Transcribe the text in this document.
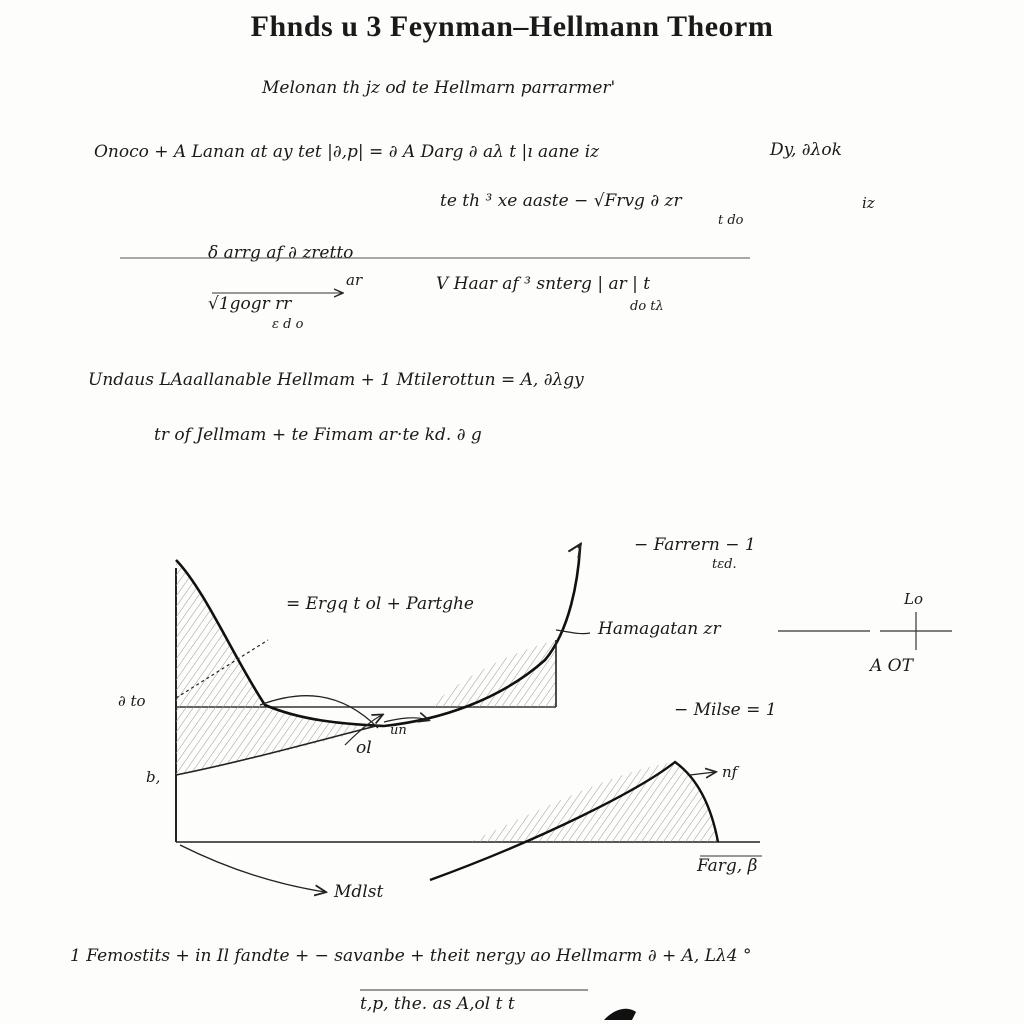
Fhnds u 3 Feynman–Hellmann Theorm
Melonan th jz od te Hellmarn parrarmer'
Onoco + A Lanan at ay tet |∂,p| = ∂ A Darg ∂ aλ t |ı aane iz	Dy, ∂λok
te th ³ xe aaste − √Frvg ∂ zr
t do
iz
δ arrg af ∂ zretto
ar
√1gogr rr
ε d o
V Haar af ³ snterg | ar | t
do tλ
Undaus LAaallanable Hellmam + 1 Mtilerottun = A, ∂λgy
tr of Jellmam + te Fimam ar·te kd. ∂ g
= Ergq t ol + Partghe
∂ to
b,
ol
un
Mdlst
nf
Farg, β
− Farrern − 1
tεd.
Hamagatan zr
− Milse = 1
Lo
A OT
1 Femostits + in Il fandte + − savanbe + theit nergy ao Hellmarm ∂ + A, Lλ4 °
t,p, the. as A,ol t t
